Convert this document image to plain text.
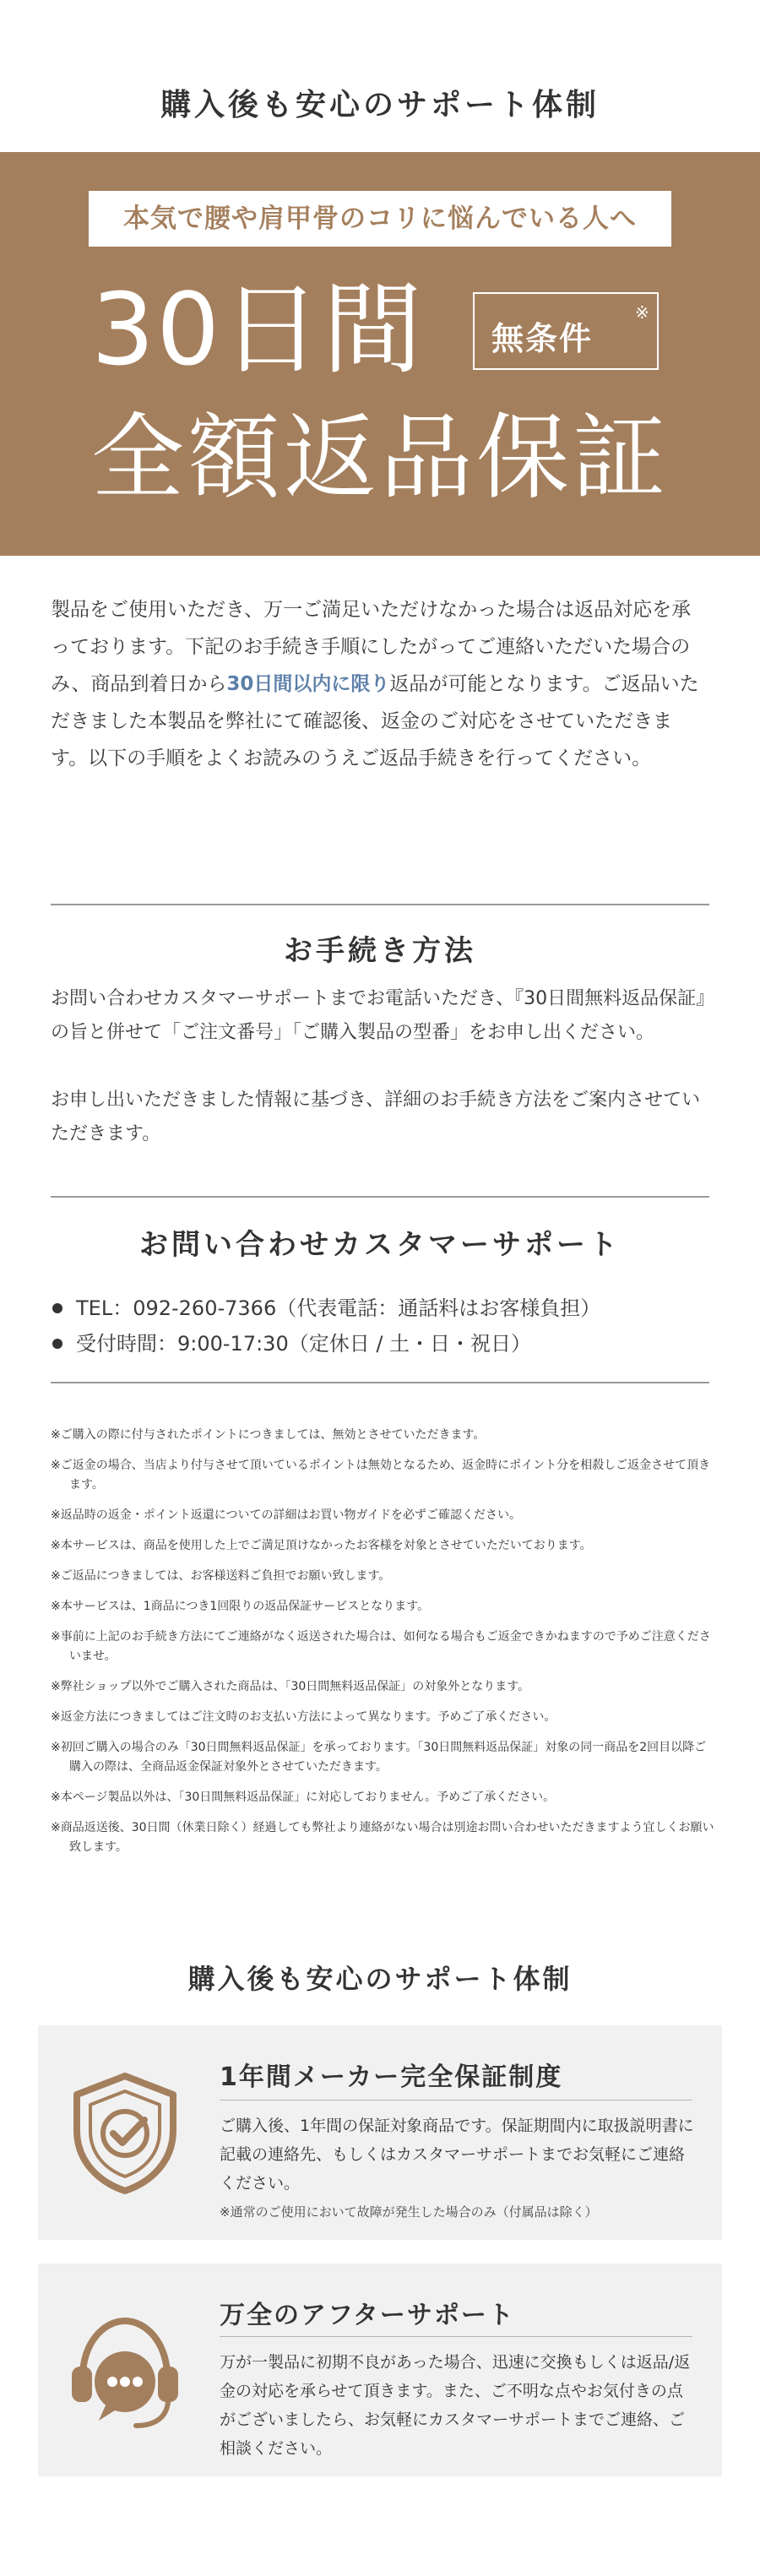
購入後も安心のサポート体制
本気で腰や肩甲骨のコリに悩んでいる人へ
30日間 無条件
※
全額返品保証
製品をご使用いただき、万一ご満足いただけなかった場合は返品対応を承っております。下記のお手続き手順にしたがってご連絡いただいた場合のみ、商品到着日から30日間以内に限り返品が可能となります。ご返品いただきました本製品を弊社にて確認後、返金のご対応をさせていただきます。以下の手順をよくお読みのうえご返品手続きを行ってください。
お手続き方法
お問い合わせカスタマーサポートまでお電話いただき、『30日間無料返品保証』の旨と併せて「ご注文番号」「ご購入製品の型番」をお申し出ください。
お申し出いただきました情報に基づき、詳細のお手続き方法をご案内させていただきます。
お問い合わせカスタマーサポート
TEL：092-260-7366（代表電話：通話料はお客様負担）
受付時間：9:00-17:30（定休日 / 土・日・祝日）
※ご購入の際に付与されたポイントにつきましては、無効とさせていただきます。
※ご返金の場合、当店より付与させて頂いているポイントは無効となるため、返金時にポイント分を相殺しご返金させて頂きます。
※返品時の返金・ポイント返還についての詳細はお買い物ガイドを必ずご確認ください。
※本サービスは、商品を使用した上でご満足頂けなかったお客様を対象とさせていただいております。
※ご返品につきましては、お客様送料ご負担でお願い致します。
※本サービスは、1商品につき1回限りの返品保証サービスとなります。
※事前に上記のお手続き方法にてご連絡がなく返送された場合は、如何なる場合もご返金できかねますので予めご注意くださいませ。
※弊社ショップ以外でご購入された商品は、「30日間無料返品保証」の対象外となります。
※返金方法につきましてはご注文時のお支払い方法によって異なります。予めご了承ください。
※初回ご購入の場合のみ「30日間無料返品保証」を承っております。「30日間無料返品保証」対象の同一商品を2回目以降ご購入の際は、全商品返金保証対象外とさせていただきます。
※本ページ製品以外は、「30日間無料返品保証」に対応しておりません。予めご了承ください。
※商品返送後、30日間（休業日除く）経過しても弊社より連絡がない場合は別途お問い合わせいただきますよう宜しくお願い致します。
購入後も安心のサポート体制
1年間メーカー完全保証制度
ご購入後、1年間の保証対象商品です。保証期間内に取扱説明書に記載の連絡先、もしくはカスタマーサポートまでお気軽にご連絡ください。
※通常のご使用において故障が発生した場合のみ（付属品は除く）
万全のアフターサポート
万が一製品に初期不良があった場合、迅速に交換もしくは返品/返金の対応を承らせて頂きます。また、ご不明な点やお気付きの点がございましたら、お気軽にカスタマーサポートまでご連絡、ご相談ください。
